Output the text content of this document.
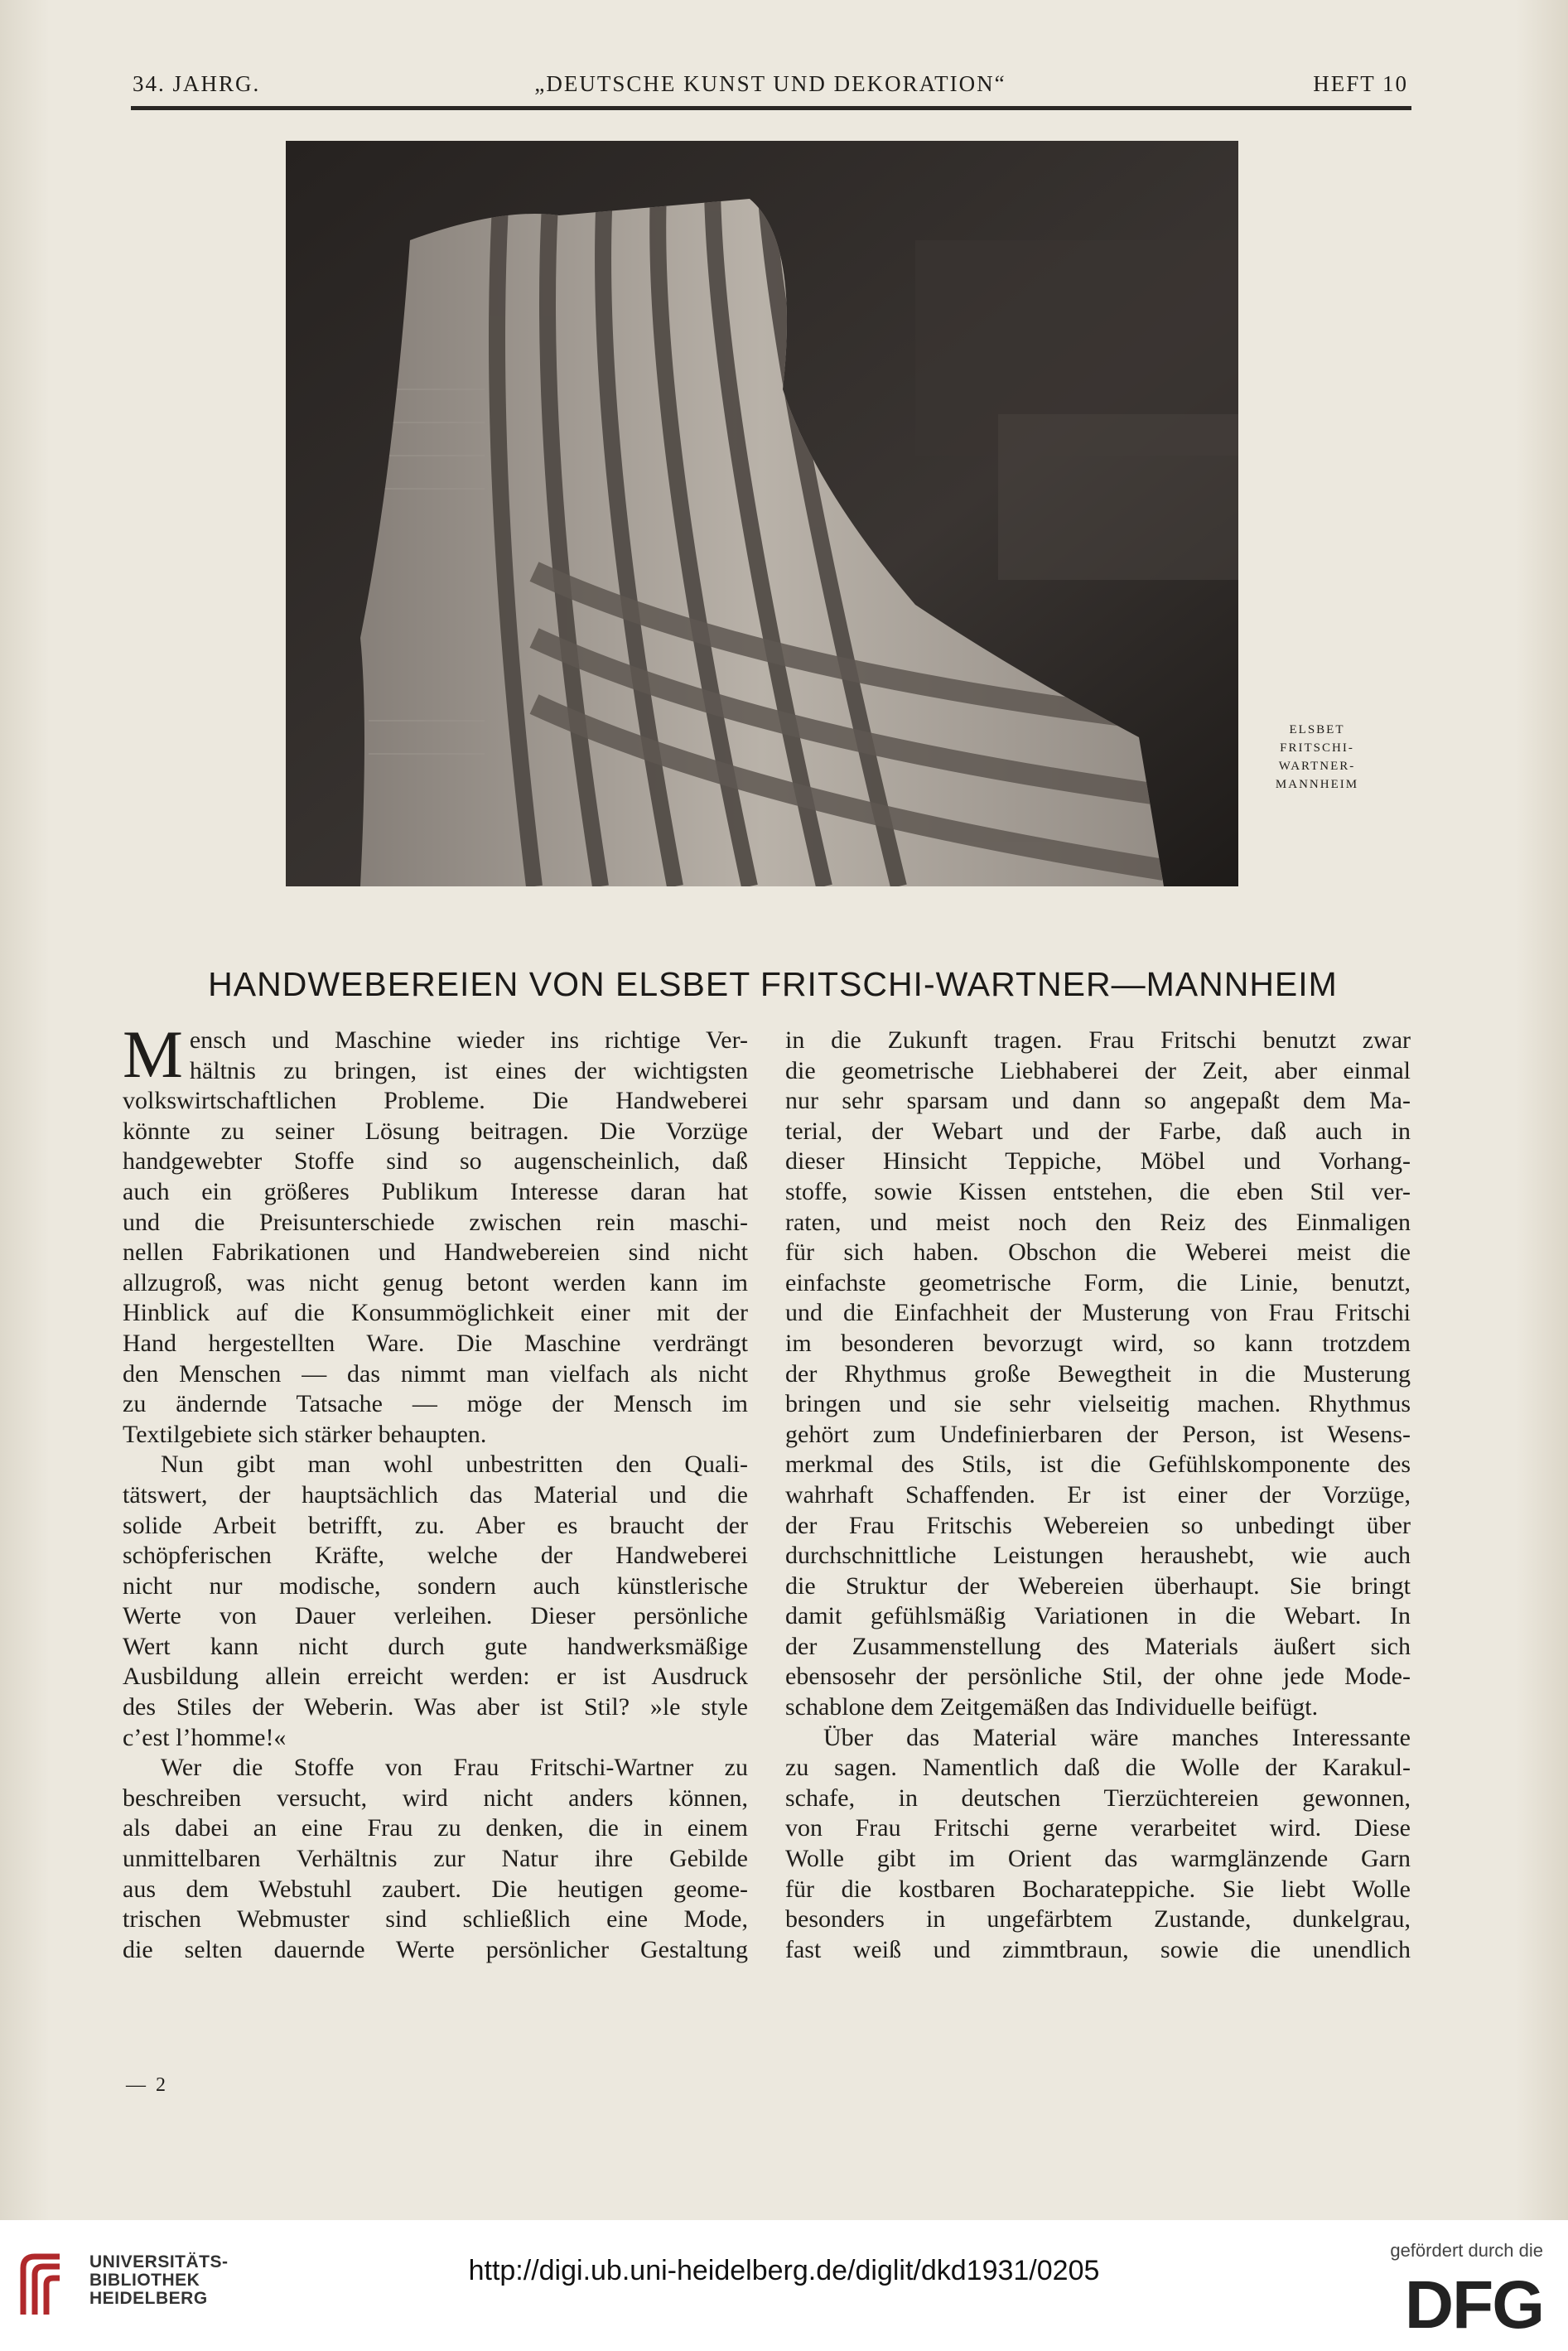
34. JAHRG.	„DEUTSCHE KUNST UND DEKORATION“	HEFT 10
ELSBET
FRITSCHI-
WARTNER-
MANNHEIM
HANDWEBEREIEN VON ELSBET FRITSCHI-WARTNER—MANNHEIM
M ensch und Maschine wieder ins richtige Ver-
hältnis zu bringen, ist eines der wichtigsten
volkswirtschaftlichen Probleme. Die Handweberei
könnte zu seiner Lösung beitragen. Die Vorzüge
handgewebter Stoffe sind so augenscheinlich, daß
auch ein größeres Publikum Interesse daran hat
und die Preisunterschiede zwischen rein maschi-
nellen Fabrikationen und Handwebereien sind nicht
allzugroß, was nicht genug betont werden kann im
Hinblick auf die Konsummöglichkeit einer mit der
Hand hergestellten Ware. Die Maschine verdrängt
den Menschen — das nimmt man vielfach als nicht
zu ändernde Tatsache — möge der Mensch im
Textilgebiete sich stärker behaupten.
Nun gibt man wohl unbestritten den Quali-
tätswert, der hauptsächlich das Material und die
solide Arbeit betrifft, zu. Aber es braucht der
schöpferischen Kräfte, welche der Handweberei
nicht nur modische, sondern auch künstlerische
Werte von Dauer verleihen. Dieser persönliche
Wert kann nicht durch gute handwerksmäßige
Ausbildung allein erreicht werden: er ist Ausdruck
des Stiles der Weberin. Was aber ist Stil? »le style
c’est l’homme!«
Wer die Stoffe von Frau Fritschi-Wartner zu
beschreiben versucht, wird nicht anders können,
als dabei an eine Frau zu denken, die in einem
unmittelbaren Verhältnis zur Natur ihre Gebilde
aus dem Webstuhl zaubert. Die heutigen geome-
trischen Webmuster sind schließlich eine Mode,
die selten dauernde Werte persönlicher Gestaltung
in die Zukunft tragen. Frau Fritschi benutzt zwar
die geometrische Liebhaberei der Zeit, aber einmal
nur sehr sparsam und dann so angepaßt dem Ma-
terial, der Webart und der Farbe, daß auch in
dieser Hinsicht Teppiche, Möbel und Vorhang-
stoffe, sowie Kissen entstehen, die eben Stil ver-
raten, und meist noch den Reiz des Einmaligen
für sich haben. Obschon die Weberei meist die
einfachste geometrische Form, die Linie, benutzt,
und die Einfachheit der Musterung von Frau Fritschi
im besonderen bevorzugt wird, so kann trotzdem
der Rhythmus große Bewegtheit in die Musterung
bringen und sie sehr vielseitig machen. Rhythmus
gehört zum Undefinierbaren der Person, ist Wesens-
merkmal des Stils, ist die Gefühlskomponente des
wahrhaft Schaffenden. Er ist einer der Vorzüge,
der Frau Fritschis Webereien so unbedingt über
durchschnittliche Leistungen heraushebt, wie auch
die Struktur der Webereien überhaupt. Sie bringt
damit gefühlsmäßig Variationen in die Webart. In
der Zusammenstellung des Materials äußert sich
ebensosehr der persönliche Stil, der ohne jede Mode-
schablone dem Zeitgemäßen das Individuelle beifügt.
Über das Material wäre manches Interessante
zu sagen. Namentlich daß die Wolle der Karakul-
schafe, in deutschen Tierzüchtereien gewonnen,
von Frau Fritschi gerne verarbeitet wird. Diese
Wolle gibt im Orient das warmglänzende Garn
für die kostbaren Bocharateppiche. Sie liebt Wolle
besonders in ungefärbtem Zustande, dunkelgrau,
fast weiß und zimmtbraun, sowie die unendlich
— 2
UNIVERSITÄTS-
BIBLIOTHEK
HEIDELBERG
http://digi.ub.uni-heidelberg.de/diglit/dkd1931/0205
gefördert durch die
DFG
